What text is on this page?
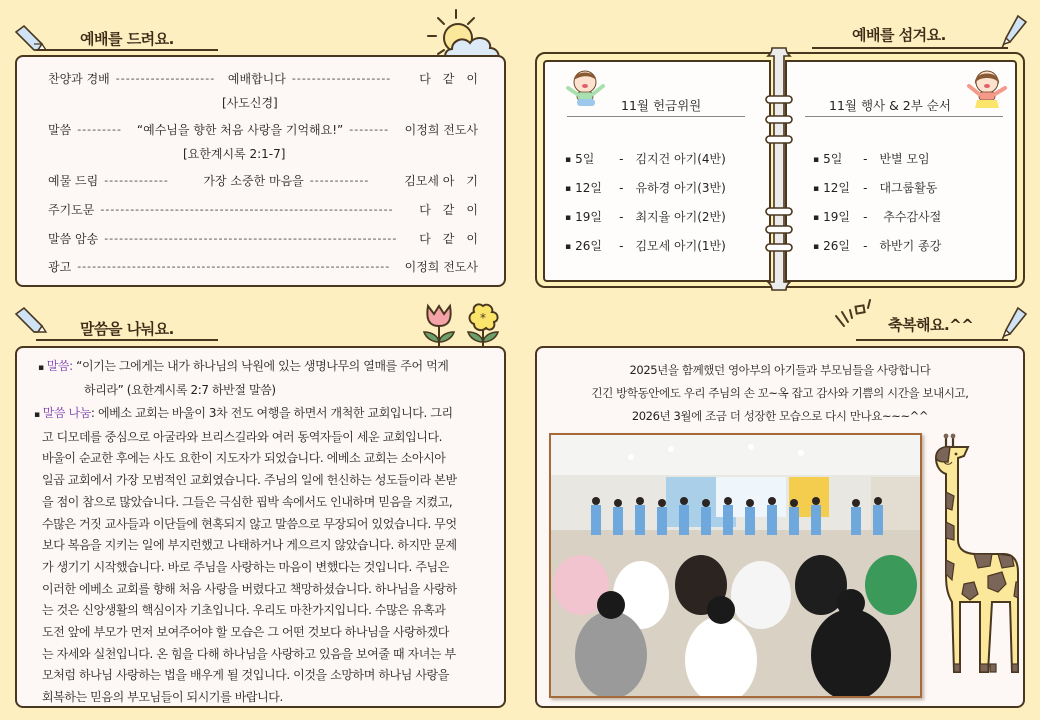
예배를 드려요.
찬양과 경배 --------------------	예배합니다 --------------------	다　같　이
[사도신경]
말씀 ---------	“예수님을 향한 처음 사랑을 기억해요!” --------	이정희 전도사
[요한계시록 2:1-7]
예물 드림 -------------	가장 소중한 마음을 ------------	김모세 아　기
주기도문 -----------------------------------------------------------	다　같　이
말씀 암송 -----------------------------------------------------------	다　같　이
광고 ---------------------------------------------------------------	이정희 전도사
예배를 섬겨요.
11월 헌금위원
▪ 5일 -　김지건 아기(4반)
▪ 12일 -　유하경 아기(3반)
▪ 19일 -　최지율 아기(2반)
▪ 26일 -　김모세 아기(1반)
11월 행사 & 2부 순서
▪ 5일 -　반별 모임
▪ 12일 -　대그룹활동
▪ 19일 -　 추수감사절
▪ 26일 -　하반기 종강
말씀을 나눠요.
*
▪ 말씀: “이기는 그에게는 내가 하나님의 낙원에 있는 생명나무의 열매를 주어 먹게
하리라” (요한계시록 2:7 하반절 말씀)
▪ 말씀 나눔: 에베소 교회는 바울이 3차 전도 여행을 하면서 개척한 교회입니다. 그리
고 디모데를 중심으로 아굴라와 브리스길라와 여러 동역자들이 세운 교회입니다.
바울이 순교한 후에는 사도 요한이 지도자가 되었습니다. 에베소 교회는 소아시아
일곱 교회에서 가장 모범적인 교회였습니다. 주님의 일에 헌신하는 성도들이라 본받
을 점이 참으로 많았습니다. 그들은 극심한 핍박 속에서도 인내하며 믿음을 지켰고,
수많은 거짓 교사들과 이단들에 현혹되지 않고 말씀으로 무장되어 있었습니다. 무엇
보다 복음을 지키는 일에 부지런했고 나태하거나 게으르지 않았습니다. 하지만 문제
가 생기기 시작했습니다. 바로 주님을 사랑하는 마음이 변했다는 것입니다. 주님은
이러한 에베소 교회를 향해 처음 사랑을 버렸다고 책망하셨습니다. 하나님을 사랑하
는 것은 신앙생활의 핵심이자 기초입니다. 우리도 마찬가지입니다. 수많은 유혹과
도전 앞에 부모가 먼저 보여주어야 할 모습은 그 어떤 것보다 하나님을 사랑하겠다
는 자세와 실천입니다. 온 힘을 다해 하나님을 사랑하고 있음을 보여줄 때 자녀는 부
모처럼 하나님 사랑하는 법을 배우게 될 것입니다. 이것을 소망하며 하나님 사랑을
회복하는 믿음의 부모님들이 되시기를 바랍니다.
축복해요.^^
2025년을 함께했던 영아부의 아기들과 부모님들을 사랑합니다
긴긴 방학동안에도 우리 주님의 손 꼬~옥 잡고 감사와 기쁨의 시간을 보내시고,
2026년 3월에 조금 더 성장한 모습으로 다시 만나요~~~^^
